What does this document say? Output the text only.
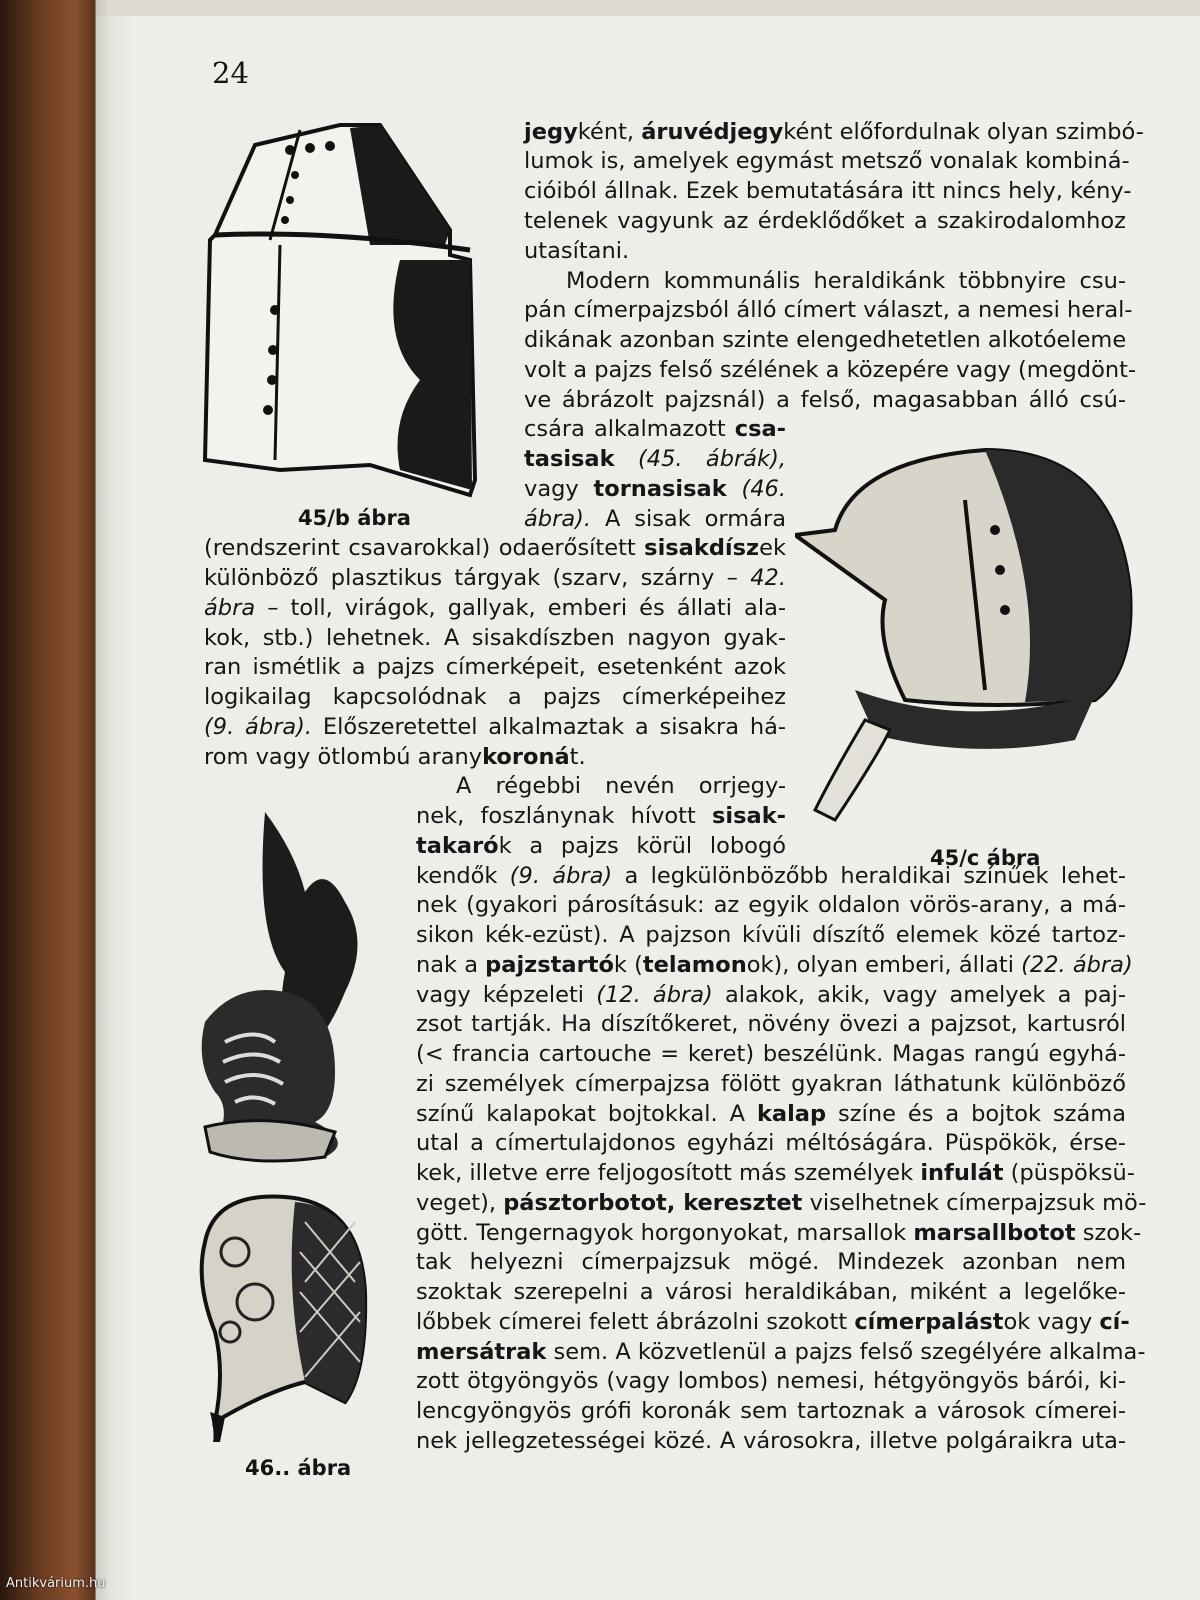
24
45/b ábra
45/c ábra
46.. ábra
jegyként, áruvédjegyként előfordulnak olyan szimbó-
lumok is, amelyek egymást metsző vonalak kombiná-
cióiból állnak. Ezek bemutatására itt nincs hely, kény-
telenek vagyunk az érdeklődőket a szakirodalomhoz
utasítani.
Modern kommunális heraldikánk többnyire csu-
pán címerpajzsból álló címert választ, a nemesi heral-
dikának azonban szinte elengedhetetlen alkotóeleme
volt a pajzs felső szélének a közepére vagy (megdönt-
ve ábrázolt pajzsnál) a felső, magasabban álló csú-
csára alkalmazott csa-
tasisak (45. ábrák),
vagy tornasisak (46.
ábra). A sisak ormára
(rendszerint csavarokkal) odaerősített sisakdíszek
különböző plasztikus tárgyak (szarv, szárny – 42.
ábra – toll, virágok, gallyak, emberi és állati ala-
kok, stb.) lehetnek. A sisakdíszben nagyon gyak-
ran ismétlik a pajzs címerképeit, esetenként azok
logikailag kapcsolódnak a pajzs címerképeihez
(9. ábra). Előszeretettel alkalmaztak a sisakra há-
rom vagy ötlombú aranykoronát.
A régebbi nevén orrjegy-
nek, foszlánynak hívott sisak-
takarók a pajzs körül lobogó
kendők (9. ábra) a legkülönbözőbb heraldikai színűek lehet-
nek (gyakori párosításuk: az egyik oldalon vörös-arany, a má-
sikon kék-ezüst). A pajzson kívüli díszítő elemek közé tartoz-
nak a pajzstartók (telamonok), olyan emberi, állati (22. ábra)
vagy képzeleti (12. ábra) alakok, akik, vagy amelyek a paj-
zsot tartják. Ha díszítőkeret, növény övezi a pajzsot, kartusról
(< francia cartouche = keret) beszélünk. Magas rangú egyhá-
zi személyek címerpajzsa fölött gyakran láthatunk különböző
színű kalapokat bojtokkal. A kalap színe és a bojtok száma
utal a címertulajdonos egyházi méltóságára. Püspökök, érse-
kek, illetve erre feljogosított más személyek infulát (püspöksü-
veget), pásztorbotot, keresztet viselhetnek címerpajzsuk mö-
gött. Tengernagyok horgonyokat, marsallok marsallbotot szok-
tak helyezni címerpajzsuk mögé. Mindezek azonban nem
szoktak szerepelni a városi heraldikában, miként a legelőke-
lőbbek címerei felett ábrázolni szokott címerpalástok vagy cí-
mersátrak sem. A közvetlenül a pajzs felső szegélyére alkalma-
zott ötgyöngyös (vagy lombos) nemesi, hétgyöngyös bárói, ki-
lencgyöngyös grófi koronák sem tartoznak a városok címerei-
nek jellegzetességei közé. A városokra, illetve polgáraikra uta-
Antikvárium.hu
